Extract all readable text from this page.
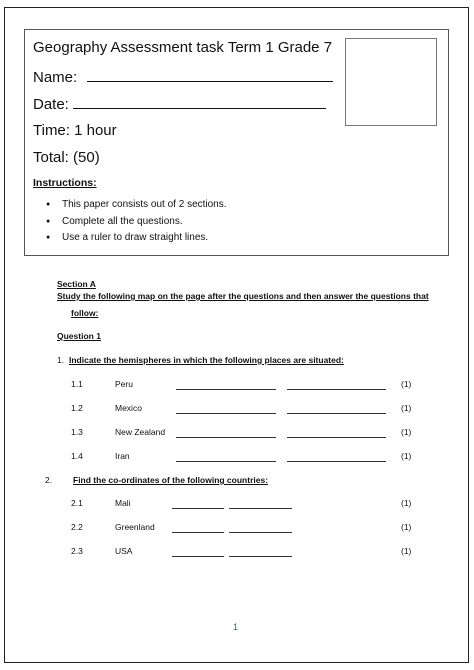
Geography Assessment task Term 1 Grade 7
Name:
Date:
Time: 1 hour
Total: (50)
Instructions:
● This paper consists out of 2 sections.
● Complete all the questions.
● Use a ruler to draw straight lines.
Section A
Study the following map on the page after the questions and then answer the questions that
follow:
Question 1
1. Indicate the hemispheres in which the following places are situated:
1.1	Peru	(1)
1.2	Mexico	(1)
1.3	New Zealand	(1)
1.4	Iran	(1)
2. Find the co-ordinates of the following countries:
2.1	Mali	(1)
2.2	Greenland	(1)
2.3	USA	(1)
1
